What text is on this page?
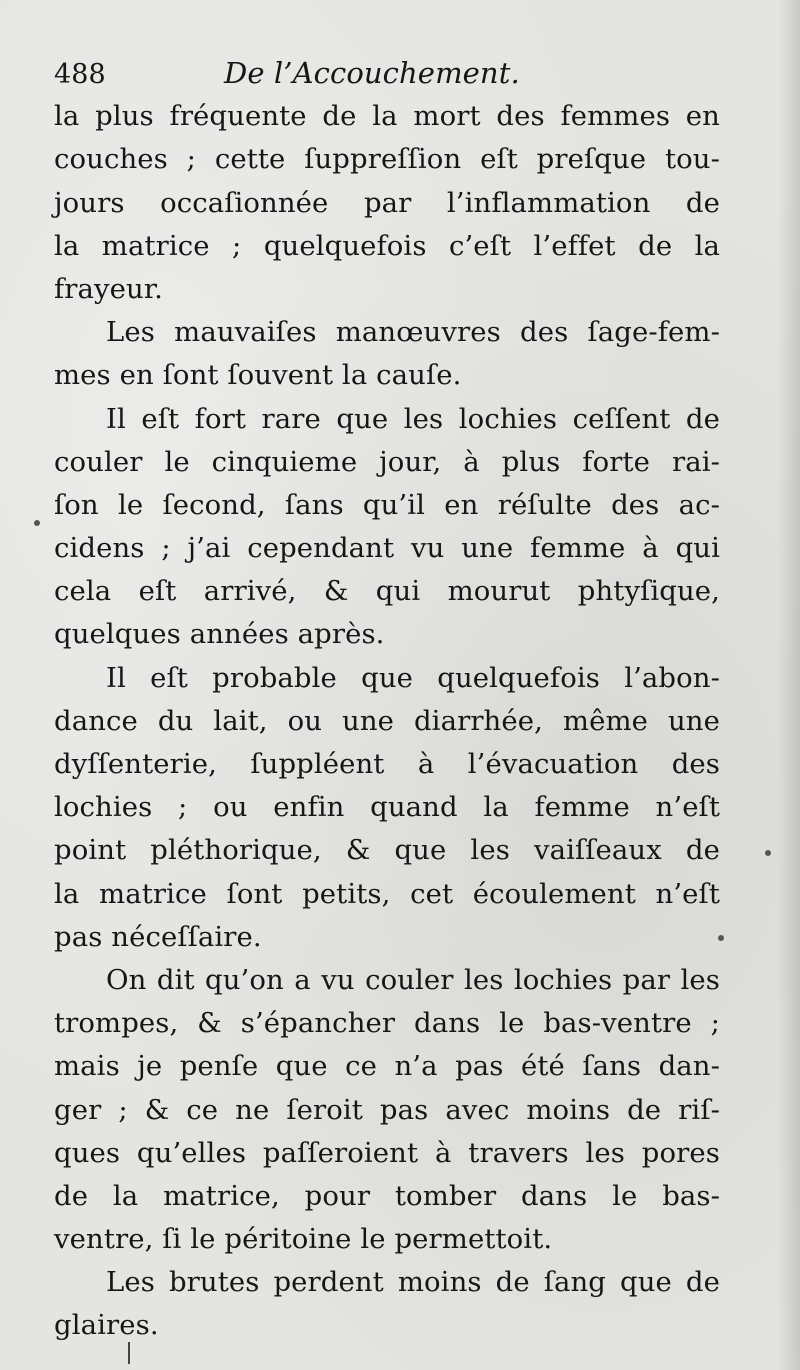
488	De l’Accouchement.
la plus fréquente de la mort des femmes en
couches ; cette ſuppreſſion eſt preſque tou-
jours occaſionnée par l’inflammation de
la matrice ; quelquefois c’eſt l’effet de la
frayeur.
Les mauvaiſes manœuvres des ſage-fem-
mes en ſont ſouvent la cauſe.
Il eſt fort rare que les lochies ceſſent de
couler le cinquieme jour, à plus forte rai-
ſon le ſecond, ſans qu’il en réſulte des ac-
cidens ; j’ai cependant vu une femme à qui
cela eſt arrivé, & qui mourut phtyſique,
quelques années après.
Il eſt probable que quelquefois l’abon-
dance du lait, ou une diarrhée, même une
dyſſenterie, ſuppléent à l’évacuation des
lochies ; ou enfin quand la femme n’eſt
point pléthorique, & que les vaiſſeaux de
la matrice ſont petits, cet écoulement n’eſt
pas néceſſaire.
On dit qu’on a vu couler les lochies par les
trompes, & s’épancher dans le bas-ventre ;
mais je penſe que ce n’a pas été ſans dan-
ger ; & ce ne ſeroit pas avec moins de riſ-
ques qu’elles paſſeroient à travers les pores
de la matrice, pour tomber dans le bas-
ventre, ſi le péritoine le permettoit.
Les brutes perdent moins de ſang que de
glaires.
